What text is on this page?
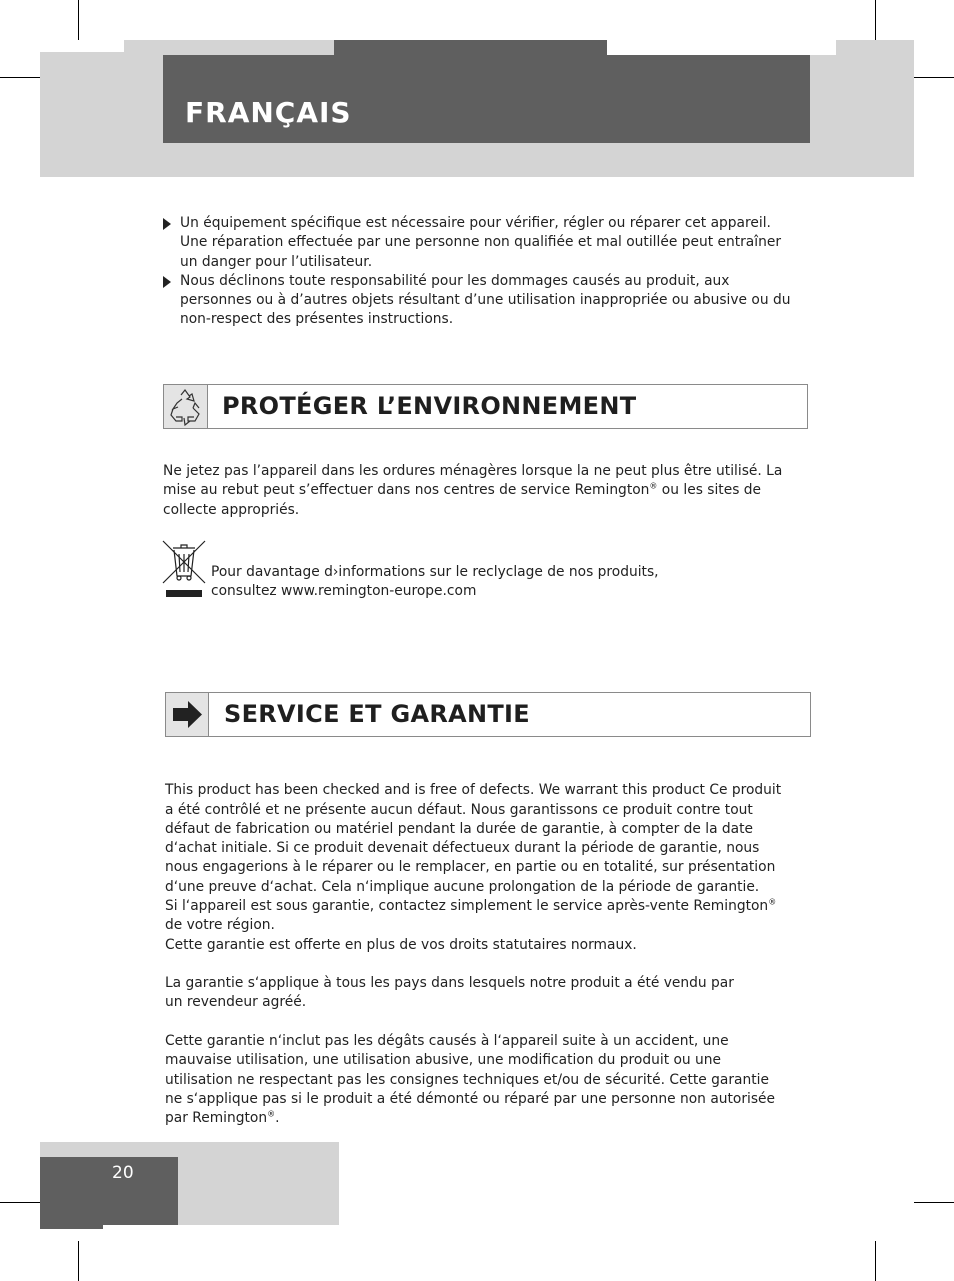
FRANÇAIS
Un équipement spécifique est nécessaire pour vérifier, régler ou réparer cet appareil. Une réparation effectuée par une personne non qualifiée et mal outillée peut entraîner un danger pour l’utilisateur.
Nous déclinons toute responsabilité pour les dommages causés au produit, aux personnes ou à d’autres objets résultant d’une utilisation inappropriée ou abusive ou du non-respect des présentes instructions.
PROTÉGER L’ENVIRONNEMENT

Ne jetez pas l’appareil dans les ordures ménagères lorsque la ne peut plus être utilisé. La mise au rebut peut s’effectuer dans nos centres de service Remington® ou les sites de collecte appropriés.

Pour davantage d›informations sur le reclyclage de nos produits,
consultez www.remington-europe.com

SERVICE ET GARANTIE

This product has been checked and is free of defects. We warrant this product Ce produit a été contrôlé et ne présente aucun défaut. Nous garantissons ce produit contre tout défaut de fabrication ou matériel pendant la durée de garantie, à compter de la date d‘achat initiale. Si ce produit devenait défectueux durant la période de garantie, nous nous engagerions à le réparer ou le remplacer, en partie ou en totalité, sur présentation d‘une preuve d‘achat. Cela n‘implique aucune prolongation de la période de garantie.
Si l‘appareil est sous garantie, contactez simplement le service après-vente Remington® de votre région.

Cette garantie est offerte en plus de vos droits statutaires normaux.

La garantie s‘applique à tous les pays dans lesquels notre produit a été vendu par un revendeur agréé.

Cette garantie n‘inclut pas les dégâts causés à l‘appareil suite à un accident, une mauvaise utilisation, une utilisation abusive, une modification du produit ou une utilisation ne respectant pas les consignes techniques et/ou de sécurité. Cette garantie ne s‘applique pas si le produit a été démonté ou réparé par une personne non autorisée par Remington®.

20
